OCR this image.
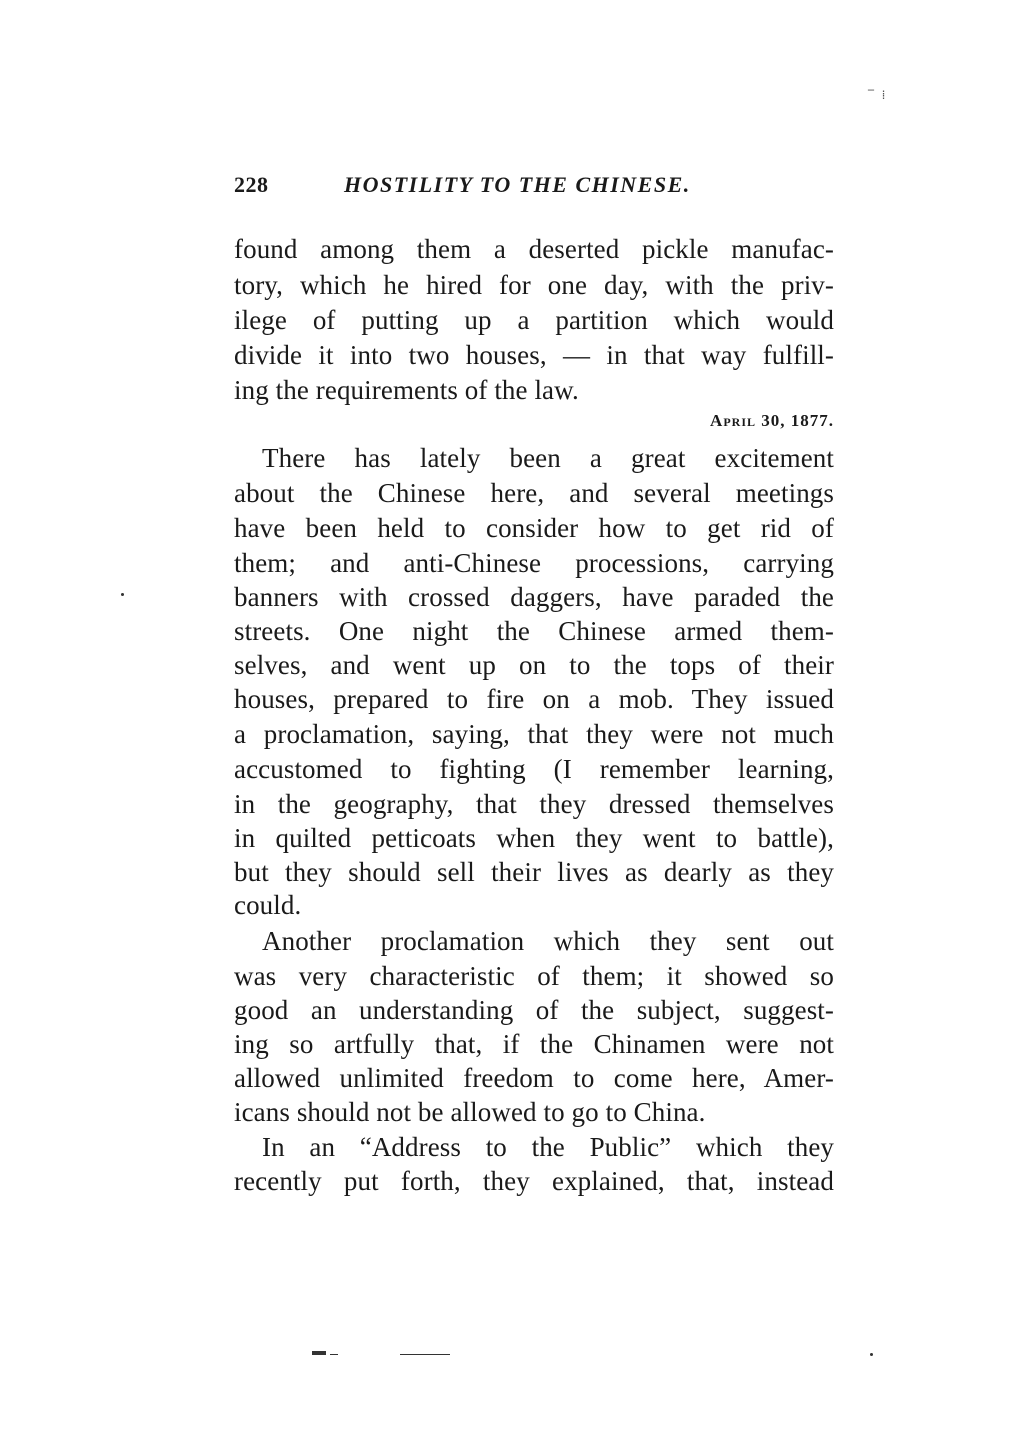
‾  ⁞
228	HOSTILITY TO THE CHINESE.
found among them a deserted pickle manufac-
tory, which he hired for one day, with the priv-
ilege of putting up a partition which would
divide it into two houses, — in that way fulfill-
ing the requirements of the law.
April 30, 1877.
There has lately been a great excitement
about the Chinese here, and several meetings
have been held to consider how to get rid of
them; and anti-Chinese processions, carrying
banners with crossed daggers, have paraded the
streets. One night the Chinese armed them-
selves, and went up on to the tops of their
houses, prepared to fire on a mob. They issued
a proclamation, saying, that they were not much
accustomed to fighting (I remember learning,
in the geography, that they dressed themselves
in quilted petticoats when they went to battle),
but they should sell their lives as dearly as they
could.
Another proclamation which they sent out
was very characteristic of them; it showed so
good an understanding of the subject, suggest-
ing so artfully that, if the Chinamen were not
allowed unlimited freedom to come here, Amer-
icans should not be allowed to go to China.
In an “Address to the Public” which they
recently put forth, they explained, that, instead
